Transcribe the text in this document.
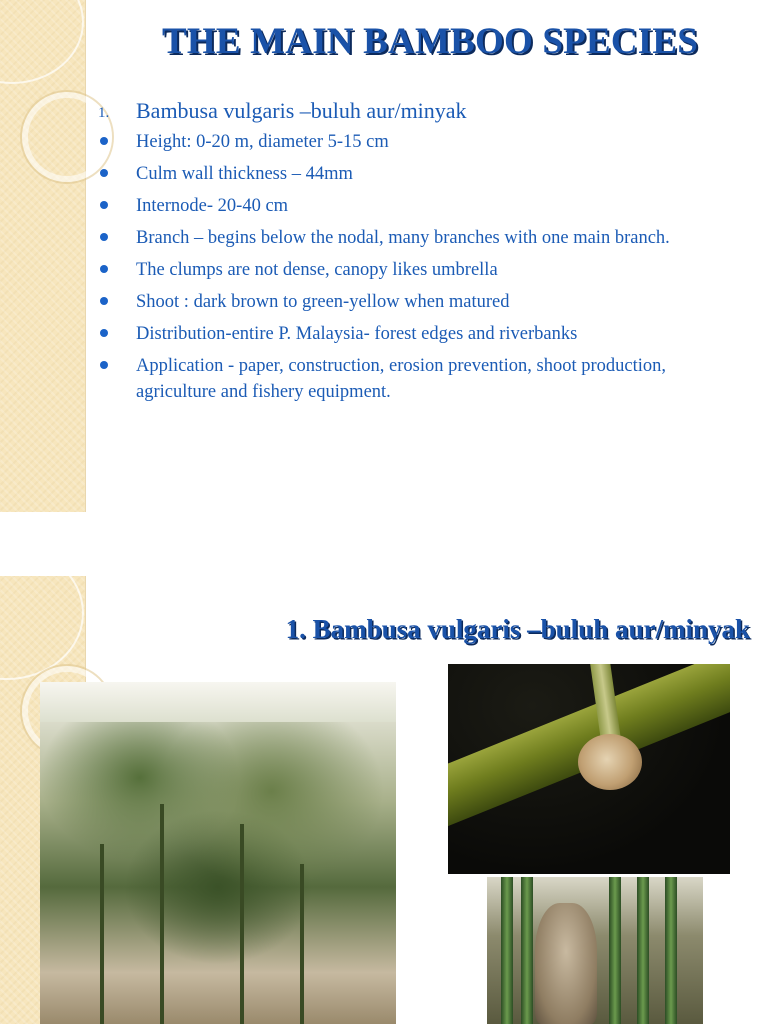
THE MAIN BAMBOO SPECIES
1. Bambusa vulgaris –buluh aur/minyak
Height: 0-20 m, diameter 5-15 cm
Culm wall thickness – 44mm
Internode- 20-40 cm
Branch – begins below the nodal, many branches with one main branch.
The clumps are not dense, canopy likes umbrella
Shoot : dark brown to green-yellow when matured
Distribution-entire P. Malaysia- forest edges and riverbanks
Application - paper, construction, erosion prevention, shoot production, agriculture and fishery equipment.
1. Bambusa vulgaris –buluh aur/minyak
